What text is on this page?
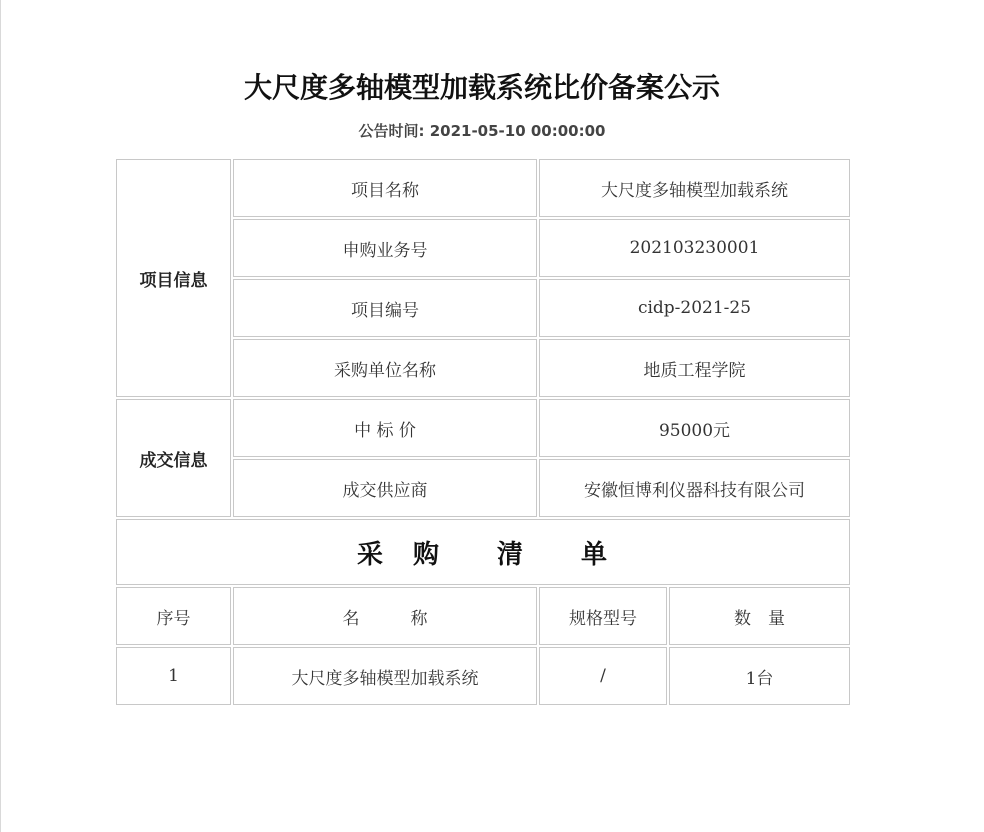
大尺度多轴模型加载系统比价备案公示
公告时间: 2021-05-10 00:00:00
项目信息	项目名称	大尺度多轴模型加载系统	
	申购业务号	202103230001	
	项目编号	cidp-2021-25	
	采购单位名称	地质工程学院	
成交信息	中 标 价	95000元	
	成交供应商	安徽恒博利仪器科技有限公司	
采　购　　清　　单			
序号	名　　　称	规格型号	数　量
1	大尺度多轴模型加载系统	/	1台
